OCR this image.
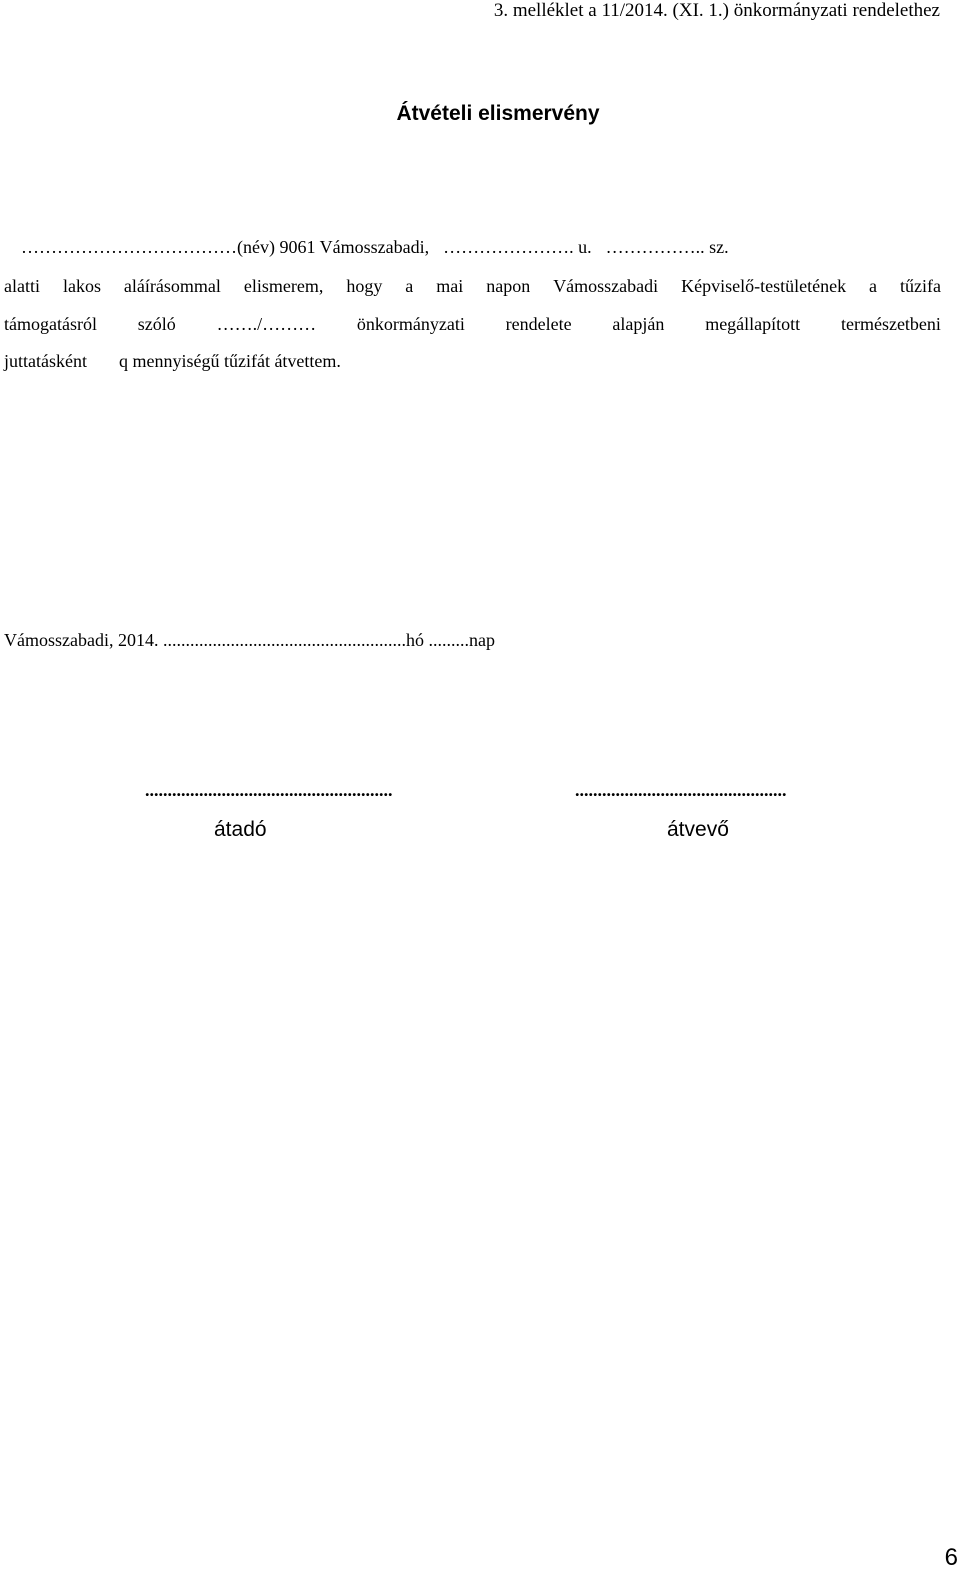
3. melléklet a 11/2014. (XI. 1.) önkormányzati rendelethez
Átvételi elismervény
……………………………… (név) 9061 Vámosszabadi, …………………. u. …………….. sz.
alatti lakos aláírásommal elismerem, hogy a mai napon Vámosszabadi Képviselő-testületének a tűzifa
támogatásról szóló ……./……… önkormányzati rendelete alapján megállapított természetbeni
juttatásként q mennyiségű tűzifát átvettem.
Vámosszabadi, 2014. ......................................................hó .........nap
.......................................................	...............................................
átadó	átvevő
6
